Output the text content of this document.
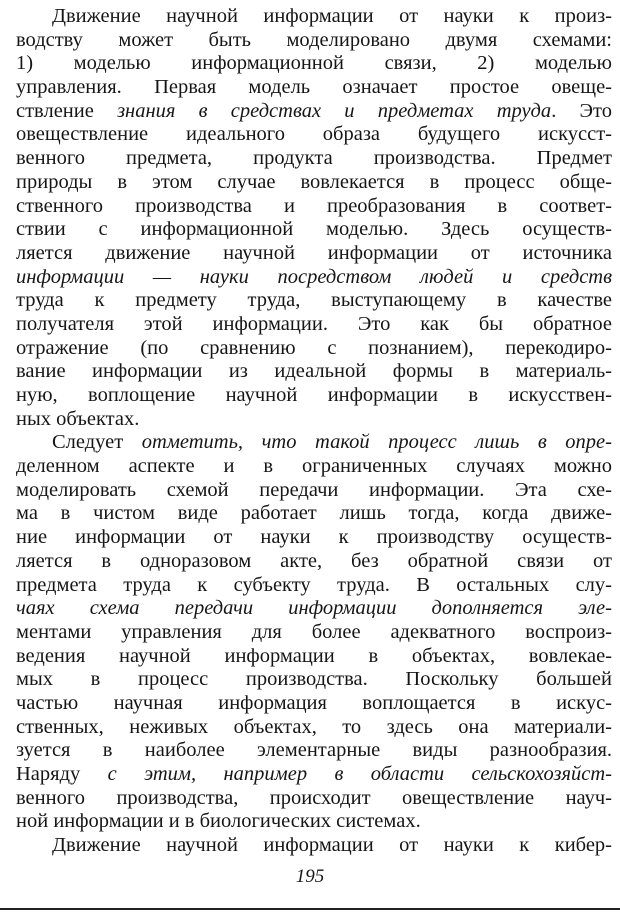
Движение научной информации от науки к произ-
водству может быть моделировано двумя схемами:
1) моделью информационной связи, 2) моделью
управления. Первая модель означает простое овеще-
ствление знания в средствах и предметах труда. Это
овеществление идеального образа будущего искусст-
венного предмета, продукта производства. Предмет
природы в этом случае вовлекается в процесс обще-
ственного производства и преобразования в соответ-
ствии с информационной моделью. Здесь осуществ-
ляется движение научной информации от источника
информации — науки посредством людей и средств
труда к предмету труда, выступающему в качестве
получателя этой информации. Это как бы обратное
отражение (по сравнению с познанием), перекодиро-
вание информации из идеальной формы в материаль-
ную, воплощение научной информации в искусствен-
ных объектах.
Следует отметить, что такой процесс лишь в опре-
деленном аспекте и в ограниченных случаях можно
моделировать схемой передачи информации. Эта схе-
ма в чистом виде работает лишь тогда, когда движе-
ние информации от науки к производству осуществ-
ляется в одноразовом акте, без обратной связи от
предмета труда к субъекту труда. В остальных слу-
чаях схема передачи информации дополняется эле-
ментами управления для более адекватного воспроиз-
ведения научной информации в объектах, вовлекае-
мых в процесс производства. Поскольку большей
частью научная информация воплощается в искус-
ственных, неживых объектах, то здесь она материали-
зуется в наиболее элементарные виды разнообразия.
Наряду с этим, например в области сельскохозяйст-
венного производства, происходит овеществление науч-
ной информации и в биологических системах.
Движение научной информации от науки к кибер-
195
